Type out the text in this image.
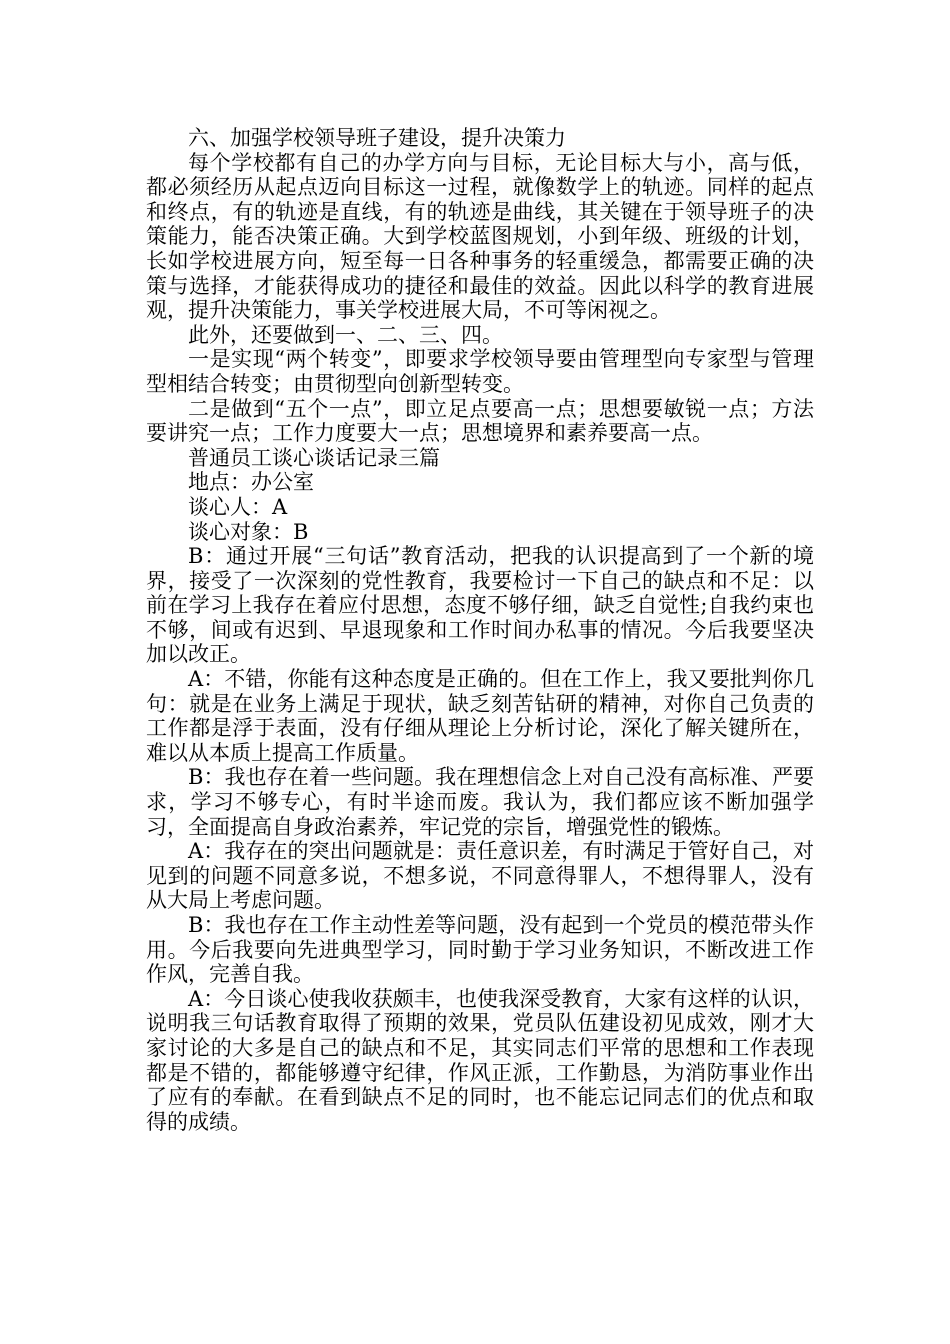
六、加强学校领导班子建设，提升决策力

每个学校都有自己的办学方向与目标，无论目标大与小，高与低，都必须经历从起点迈向目标这一过程，就像数学上的轨迹。同样的起点和终点，有的轨迹是直线，有的轨迹是曲线，其关键在于领导班子的决策能力，能否决策正确。大到学校蓝图规划，小到年级、班级的计划，长如学校进展方向，短至每一日各种事务的轻重缓急，都需要正确的决策与选择，才能获得成功的捷径和最佳的效益。因此以科学的教育进展观，提升决策能力，事关学校进展大局，不可等闲视之。

此外，还要做到一、二、三、四。

一是实现“两个转变”，即要求学校领导要由管理型向专家型与管理型相结合转变；由贯彻型向创新型转变。

二是做到“五个一点”，即立足点要高一点；思想要敏锐一点；方法要讲究一点；工作力度要大一点；思想境界和素养要高一点。

普通员工谈心谈话记录三篇

地点：办公室

谈心人：A

谈心对象：B

B：通过开展“三句话”教育活动，把我的认识提高到了一个新的境界，接受了一次深刻的党性教育，我要检讨一下自己的缺点和不足：以前在学习上我存在着应付思想，态度不够仔细，缺乏自觉性;自我约束也不够，间或有迟到、早退现象和工作时间办私事的情况。今后我要坚决加以改正。

A：不错，你能有这种态度是正确的。但在工作上，我又要批判你几句：就是在业务上满足于现状，缺乏刻苦钻研的精神，对你自己负责的工作都是浮于表面，没有仔细从理论上分析讨论，深化了解关键所在，难以从本质上提高工作质量。

B：我也存在着一些问题。我在理想信念上对自己没有高标准、严要求，学习不够专心，有时半途而废。我认为，我们都应该不断加强学习，全面提高自身政治素养，牢记党的宗旨，增强党性的锻炼。

A：我存在的突出问题就是：责任意识差，有时满足于管好自己，对见到的问题不同意多说，不想多说，不同意得罪人，不想得罪人，没有从大局上考虑问题。

B：我也存在工作主动性差等问题，没有起到一个党员的模范带头作用。今后我要向先进典型学习，同时勤于学习业务知识，不断改进工作作风，完善自我。

A：今日谈心使我收获颇丰，也使我深受教育，大家有这样的认识，说明我三句话教育取得了预期的效果，党员队伍建设初见成效，刚才大家讨论的大多是自己的缺点和不足，其实同志们平常的思想和工作表现都是不错的，都能够遵守纪律，作风正派，工作勤恳，为消防事业作出了应有的奉献。在看到缺点不足的同时，也不能忘记同志们的优点和取得的成绩。
